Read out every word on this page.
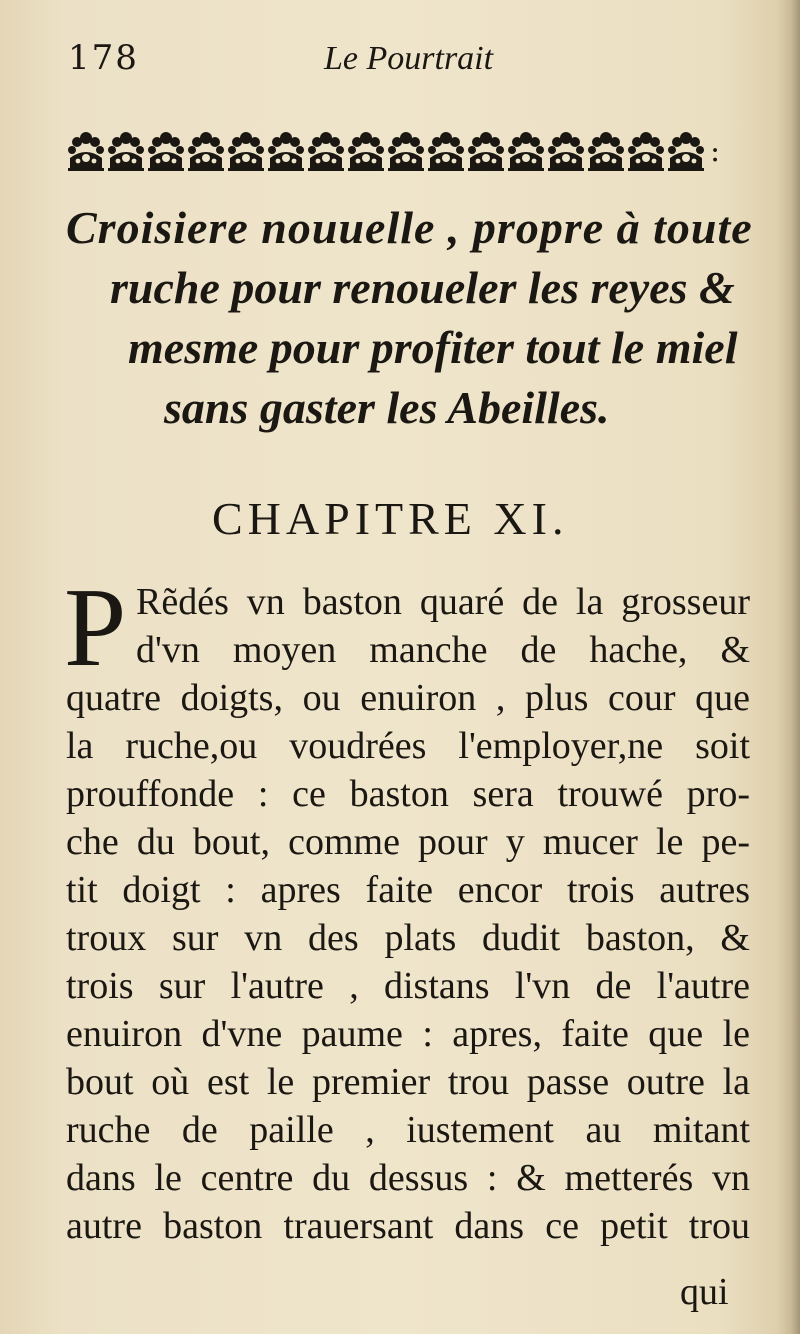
178	Le Pourtrait
:
Croisiere nouuelle , propre à toute
ruche pour renoueler les reyes &
mesme pour profiter tout le miel
sans gaster les Abeilles.
CHAPITRE XI.
P Rẽdés vn baston quaré de la grosseur
d'vn moyen manche de hache, &
quatre doigts, ou enuiron , plus cour que
la ruche,ou voudrées l'employer,ne soit
prouffonde : ce baston sera trouwé pro-
che du bout, comme pour y mucer le pe-
tit doigt : apres faite encor trois autres
troux sur vn des plats dudit baston, &
trois sur l'autre , distans l'vn de l'autre
enuiron d'vne paume : apres, faite que le
bout où est le premier trou passe outre la
ruche de paille , iustement au mitant
dans le centre du dessus : & metterés vn
autre baston trauersant dans ce petit trou
qui
